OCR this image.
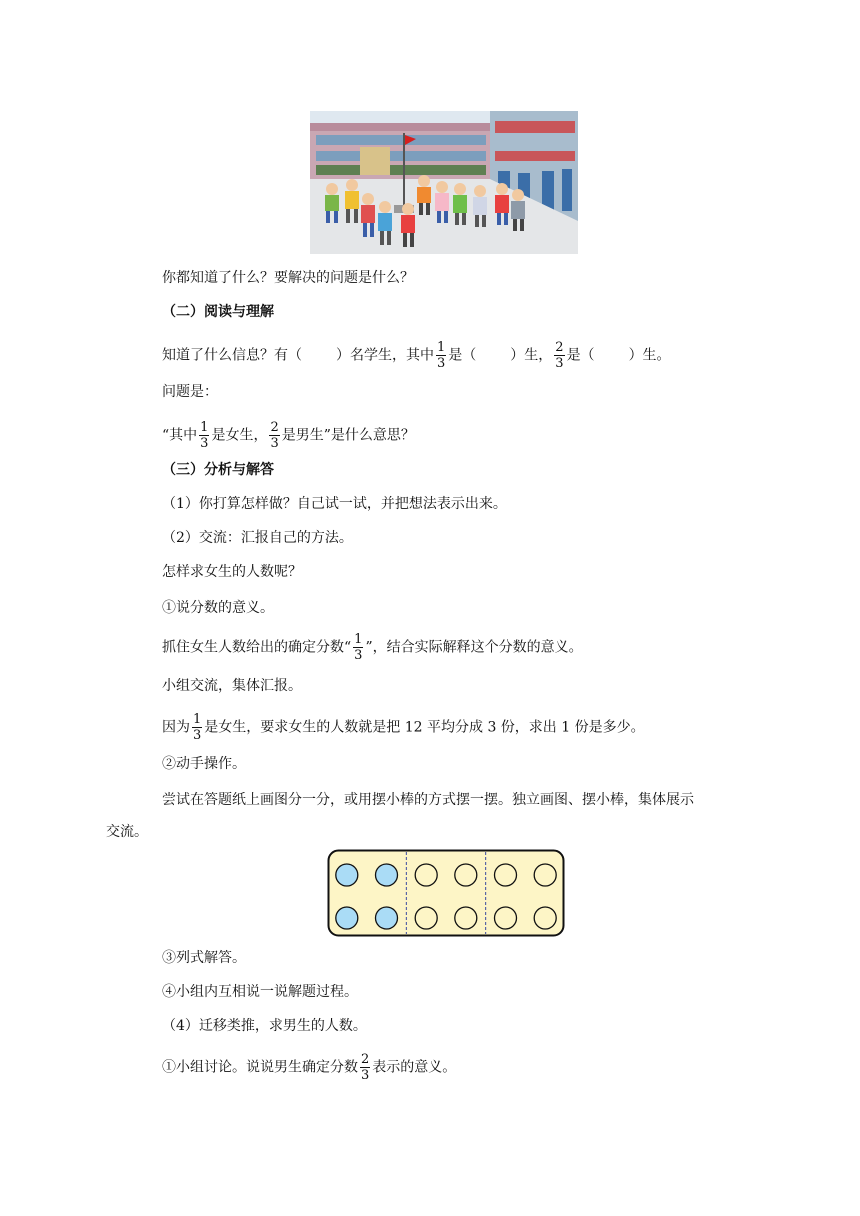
你都知道了什么？要解决的问题是什么？
（二）阅读与理解
知道了什么信息？有（ ）名学生，其中 $\frac{1}{3}$ 是（ ）生， $\frac{2}{3}$ 是（ ）生。
问题是：
“其中 $\frac{1}{3}$ 是女生， $\frac{2}{3}$ 是男生”是什么意思？
（三）分析与解答
（1）你打算怎样做？自己试一试，并把想法表示出来。
（2）交流：汇报自己的方法。
怎样求女生的人数呢？
①说分数的意义。
抓住女生人数给出的确定分数“ $\frac{1}{3}$ ”，结合实际解释这个分数的意义。
小组交流，集体汇报。
因为 $\frac{1}{3}$ 是女生，要求女生的人数就是把 12 平均分成 3 份，求出 1 份是多少。
②动手操作。
尝试在答题纸上画图分一分，或用摆小棒的方式摆一摆。独立画图、摆小棒，集体展示
交流。
③列式解答。
④小组内互相说一说解题过程。
（4）迁移类推，求男生的人数。
①小组讨论。说说男生确定分数 $\frac{2}{3}$ 表示的意义。
